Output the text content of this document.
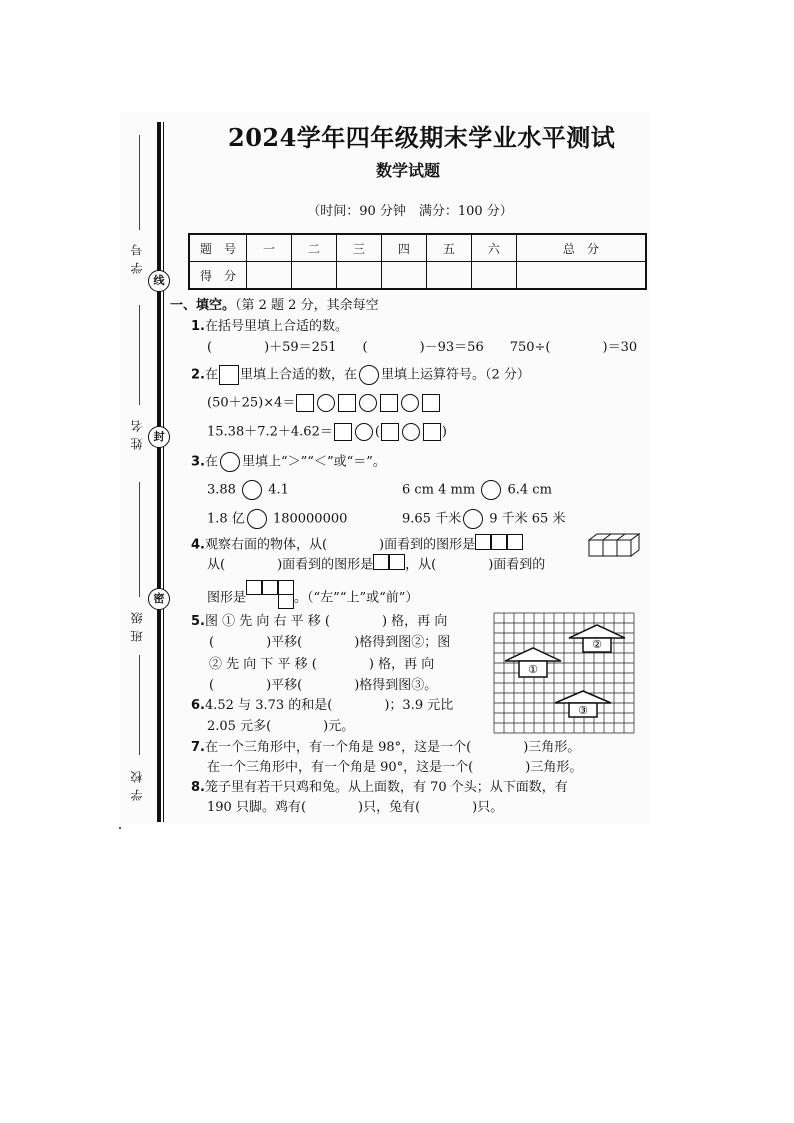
线
封
密
学号
姓名
班级
学校
2024学年四年级期末学业水平测试
数学试题
（时间：90 分钟　满分：100 分）
题　号	一	二	三	四	五	六	总　分
得　分							
一、填空。（第 2 题 2 分，其余每空
1.在括号里填上合适的数。
(　　　　)＋59＝251　　(　　　　)－93＝56　　750÷(　　　　)＝30
2.在 里填上合适的数，在 里填上运算符号。（2 分）
(50＋25)×4＝
15.38＋7.2＋4.62＝	(	)
3.在 里填上“＞”“＜”或“＝”。
3.88 4.1	6 cm 4 mm 6.4 cm
1.8 亿 180000000	9.65 千米 9 千米 65 米
4.观察右面的物体，从(　　　　)面看到的图形是
从(　　　　)面看到的图形是 ，从(　　　　)面看到的
图形是	。（“左”“上”或“前”）
5.图 ① 先 向 右 平 移 (　　　　) 格，再 向
(　　　　)平移(　　　　)格得到图②；图
② 先 向 下 平 移 (　　　　) 格，再 向
(　　　　)平移(　　　　)格得到图③。
①
②
③
6.4.52 与 3.73 的和是(　　　　)；3.9 元比
2.05 元多(　　　　)元。
7.在一个三角形中，有一个角是 98°，这是一个(　　　　)三角形。
在一个三角形中，有一个角是 90°，这是一个(　　　　)三角形。
8.笼子里有若干只鸡和兔。从上面数，有 70 个头；从下面数，有
190 只脚。鸡有(　　　　)只，兔有(　　　　)只。
